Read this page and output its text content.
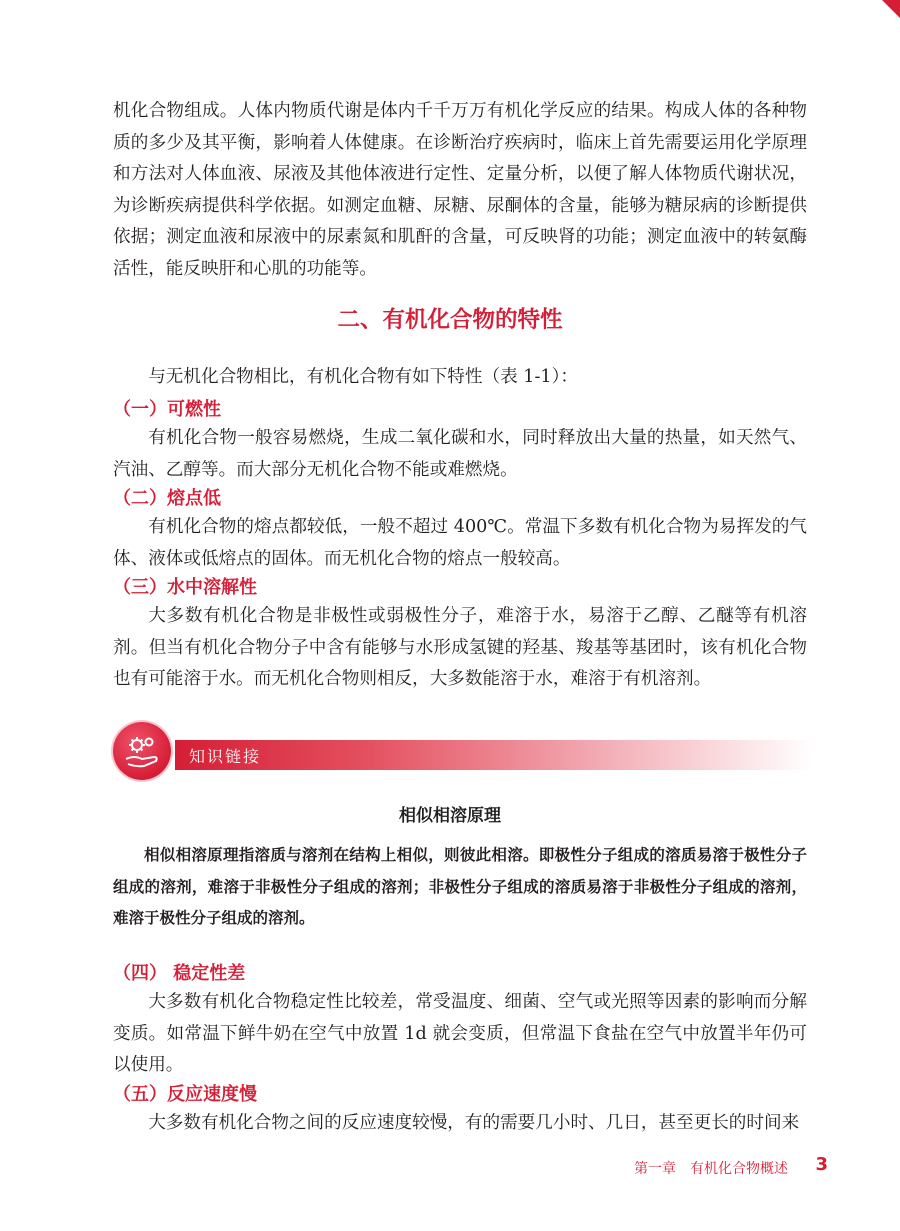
机化合物组成。人体内物质代谢是体内千千万万有机化学反应的结果。构成人体的各种物质的多少及其平衡，影响着人体健康。在诊断治疗疾病时，临床上首先需要运用化学原理和方法对人体血液、尿液及其他体液进行定性、定量分析，以便了解人体物质代谢状况，为诊断疾病提供科学依据。如测定血糖、尿糖、尿酮体的含量，能够为糖尿病的诊断提供依据；测定血液和尿液中的尿素氮和肌酐的含量，可反映肾的功能；测定血液中的转氨酶活性，能反映肝和心肌的功能等。

二、有机化合物的特性

与无机化合物相比，有机化合物有如下特性（表 1-1）：

（一）可燃性

有机化合物一般容易燃烧，生成二氧化碳和水，同时释放出大量的热量，如天然气、汽油、乙醇等。而大部分无机化合物不能或难燃烧。

（二）熔点低

有机化合物的熔点都较低，一般不超过 400℃。常温下多数有机化合物为易挥发的气体、液体或低熔点的固体。而无机化合物的熔点一般较高。

（三）水中溶解性

大多数有机化合物是非极性或弱极性分子，难溶于水，易溶于乙醇、乙醚等有机溶剂。但当有机化合物分子中含有能够与水形成氢键的羟基、羧基等基团时，该有机化合物也有可能溶于水。而无机化合物则相反，大多数能溶于水，难溶于有机溶剂。

知识链接
相似相溶原理

相似相溶原理指溶质与溶剂在结构上相似，则彼此相溶。即极性分子组成的溶质易溶于极性分子组成的溶剂，难溶于非极性分子组成的溶剂；非极性分子组成的溶质易溶于非极性分子组成的溶剂，难溶于极性分子组成的溶剂。

（四） 稳定性差

大多数有机化合物稳定性比较差，常受温度、细菌、空气或光照等因素的影响而分解变质。如常温下鲜牛奶在空气中放置 1d 就会变质，但常温下食盐在空气中放置半年仍可以使用。

（五）反应速度慢

大多数有机化合物之间的反应速度较慢，有的需要几小时、几日，甚至更长的时间来

第一章　有机化合物概述 3
